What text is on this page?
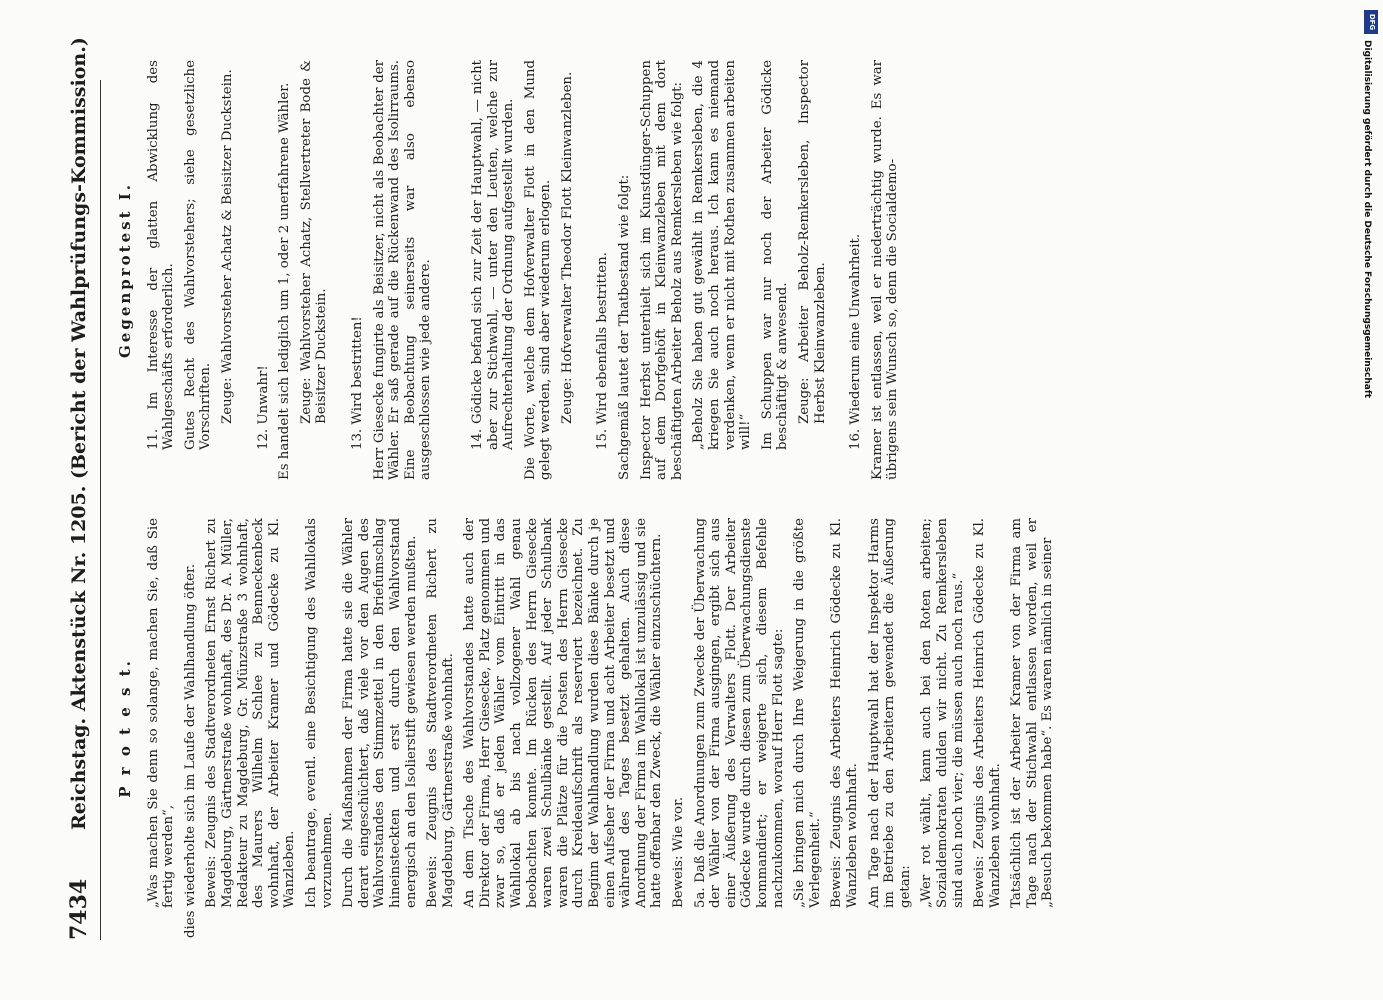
7434
Reichstag. Aktenstück Nr. 1205. (Bericht der Wahlprüfungs-Kommission.) P r o t e s t. „Was machen Sie denn so solange, machen Sie, daß Sie fertig werden“, dies wiederholte sich im Laufe der Wahlhandlung öfter. Beweis: Zeugnis des Stadtverordneten Ernst Richert zu Magdeburg, Gärtnerstraße wohnhaft, des Dr. A. Müller, Redakteur zu Magdeburg, Gr. Münzstraße 3 wohnhaft, des Maurers Wilhelm Schlee zu Benneckenbeck wohnhaft, der Arbeiter Kramer und Gödecke zu Kl. Wanzleben. Ich beantrage, eventl. eine Besichtigung des Wahllokals vorzunehmen. Durch die Maßnahmen der Firma hatte sie die Wähler derart eingeschüchtert, daß viele vor den Augen des Wahlvorstandes den Stimmzettel in den Briefumschlag hineinsteckten und erst durch den Wahlvorstand energisch an den Isolierstift gewiesen werden mußten. Beweis: Zeugnis des Stadtverordneten Richert zu Magdeburg, Gärtnerstraße wohnhaft. An dem Tische des Wahlvorstandes hatte auch der Direktor der Firma, Herr Giesecke, Platz genommen und zwar so, daß er jeden Wähler vom Eintritt in das Wahllokal ab bis nach vollzogener Wahl genau beobachten konnte. Im Rücken des Herrn Giesecke waren zwei Schulbänke gestellt. Auf jeder Schulbank waren die Plätze für die Posten des Herrn Giesecke durch Kreideaufschrift als reserviert bezeichnet. Zu Beginn der Wahlhandlung wurden diese Bänke durch je einen Aufseher der Firma und acht Arbeiter besetzt und während des Tages besetzt gehalten. Auch diese Anordnung der Firma im Wahllokal ist unzulässig und sie hatte offenbar den Zweck, die Wähler einzuschüchtern. Beweis: Wie vor. 5a. Daß die Anordnungen zum Zwecke der Überwachung der Wähler von der Firma ausgingen, ergibt sich aus einer Äußerung des Verwalters Flott. Der Arbeiter Gödecke wurde durch diesen zum Überwachungsdienste kommandiert; er weigerte sich, diesem Befehle nachzukommen, worauf Herr Flott sagte: „Sie bringen mich durch Ihre Weigerung in die größte Verlegenheit.“ Beweis: Zeugnis des Arbeiters Heinrich Gödecke zu Kl. Wanzleben wohnhaft. Am Tage nach der Hauptwahl hat der Inspektor Harms im Betriebe zu den Arbeitern gewendet die Äußerung getan: „Wer rot wählt, kann auch bei den Roten arbeiten; Sozialdemokraten dulden wir nicht. Zu Remkersleben sind auch noch vier; die müssen auch noch raus.“ Beweis: Zeugnis des Arbeiters Heinrich Gödecke zu Kl. Wanzleben wohnhaft. Tatsächlich ist der Arbeiter Kramer von der Firma am Tage nach der Stichwahl entlassen worden, weil er „Besuch bekommen habe“. Es waren nämlich in seiner

Gegenprotest I. 11. Im Interesse der glatten Abwicklung des Wahlgeschäfts erforderlich. Gutes Recht des Wahlvorstehers; siehe gesetzliche Vorschriften. Zeuge: Wahlvorsteher Achatz & Beisitzer Duckstein. 12. Unwahr! Es handelt sich lediglich um 1, oder 2 unerfahrene Wähler. Zeuge: Wahlvorsteher Achatz, Stellvertreter Bode & Beisitzer Duckstein. 13. Wird bestritten! Herr Giesecke fungirte als Beisitzer, nicht als Beobachter der Wähler. Er saß gerade auf die Rückenwand des Isolirraums. Eine Beobachtung seinerseits war also ebenso ausgeschlossen wie jede andere.	14. Gödicke befand sich zur Zeit der Hauptwahl, — nicht aber zur Stichwahl, — unter den Leuten, welche zur Aufrechterhaltung der Ordnung aufgestellt wurden. Die Worte, welche dem Hofverwalter Flott in den Mund gelegt werden, sind aber wiederum erlogen. Zeuge: Hofverwalter Theodor Flott Kleinwanzleben. 15. Wird ebenfalls bestritten. Sachgemäß lautet der Thatbestand wie folgt: Inspector Herbst unterhielt sich im Kunstdünger-Schuppen auf dem Dorfgehöft in Kleinwanzleben mit dem dort beschäftigten Arbeiter Beholz aus Remkersleben wie folgt: „Beholz Sie haben gut gewählt in Remkersleben, die 4 kriegen Sie auch noch heraus. Ich kann es niemand verdenken, wenn er nicht mit Rothen zusammen arbeiten will!“ Im Schuppen war nur noch der Arbeiter Gödicke beschäftigt & anwesend. Zeuge: Arbeiter Beholz-Remkersleben, Inspector Herbst Kleinwanzleben. 16. Wiederum eine Unwahrheit. Kramer ist entlassen, weil er niederträchtig wurde. Es war übrigens sein Wunsch so, denn die Socialdemo-

DFG
Digitalisierung gefördert durch die Deutsche Forschungsgemeinschaft
